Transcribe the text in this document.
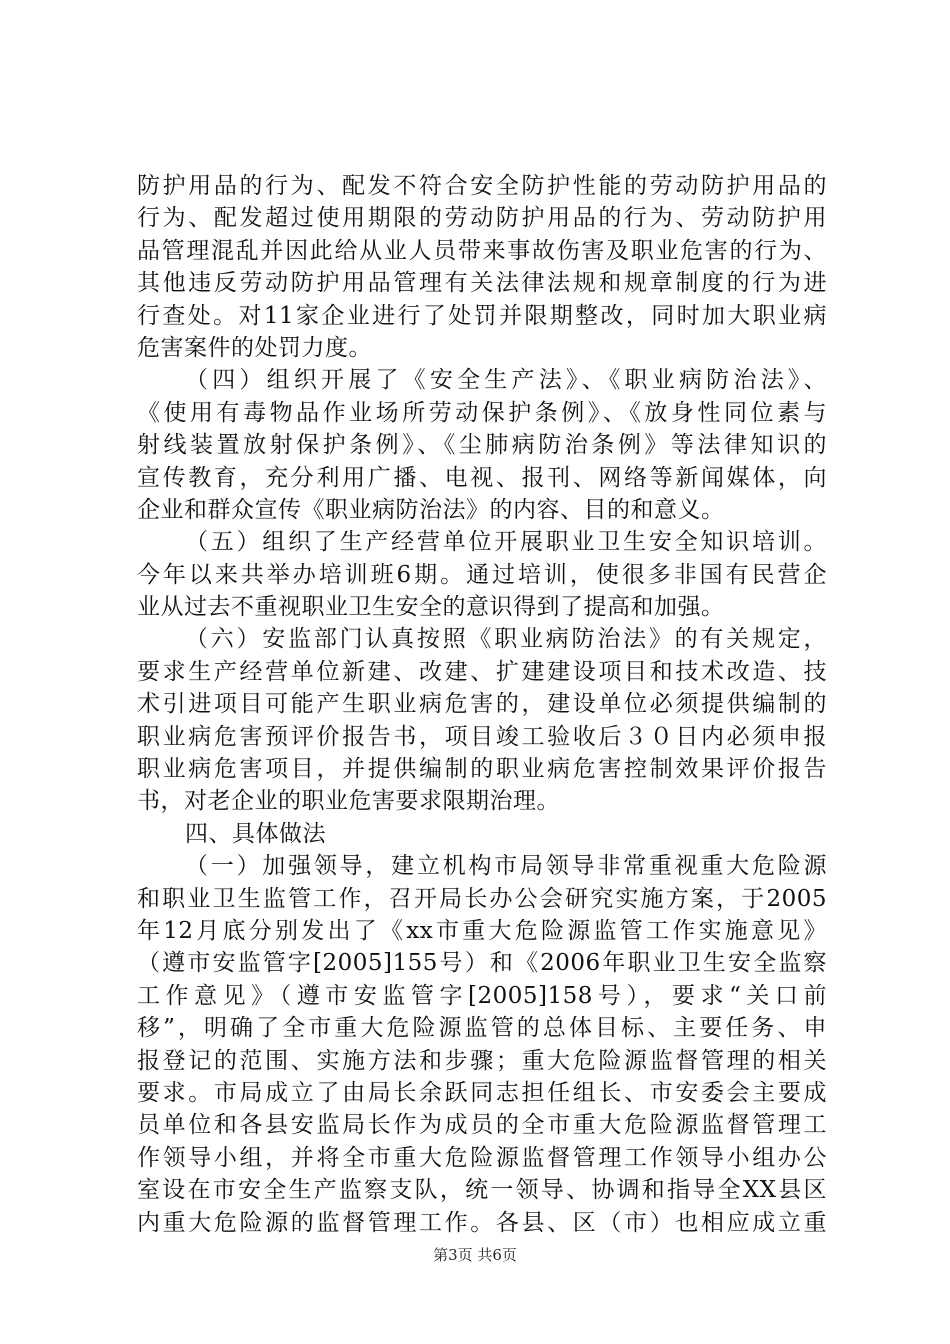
防护用品的行为、配发不符合安全防护性能的劳动防护用品的
行为、配发超过使用期限的劳动防护用品的行为、劳动防护用
品管理混乱并因此给从业人员带来事故伤害及职业危害的行为、
其他违反劳动防护用品管理有关法律法规和规章制度的行为进
行查处。对11家企业进行了处罚并限期整改，同时加大职业病
危害案件的处罚力度。
（四）组织开展了《安全生产法》、《职业病防治法》、
《使用有毒物品作业场所劳动保护条例》、《放身性同位素与
射线装置放射保护条例》、《尘肺病防治条例》等法律知识的
宣传教育，充分利用广播、电视、报刊、网络等新闻媒体，向
企业和群众宣传《职业病防治法》的内容、目的和意义。
（五）组织了生产经营单位开展职业卫生安全知识培训。
今年以来共举办培训班6期。通过培训，使很多非国有民营企
业从过去不重视职业卫生安全的意识得到了提高和加强。
（六）安监部门认真按照《职业病防治法》的有关规定，
要求生产经营单位新建、改建、扩建建设项目和技术改造、技
术引进项目可能产生职业病危害的，建设单位必须提供编制的
职业病危害预评价报告书，项目竣工验收后３０日内必须申报
职业病危害项目，并提供编制的职业病危害控制效果评价报告
书，对老企业的职业危害要求限期治理。
四、具体做法
（一）加强领导，建立机构市局领导非常重视重大危险源
和职业卫生监管工作，召开局长办公会研究实施方案，于2005
年12月底分别发出了《xx市重大危险源监管工作实施意见》
（遵市安监管字[2005]155号）和《2006年职业卫生安全监察
工作意见》（遵市安监管字[2005]158号），要求“关口前
移”，明确了全市重大危险源监管的总体目标、主要任务、申
报登记的范围、实施方法和步骤；重大危险源监督管理的相关
要求。市局成立了由局长余跃同志担任组长、市安委会主要成
员单位和各县安监局长作为成员的全市重大危险源监督管理工
作领导小组，并将全市重大危险源监督管理工作领导小组办公
室设在市安全生产监察支队，统一领导、协调和指导全XX县区
内重大危险源的监督管理工作。各县、区（市）也相应成立重
第3页 共6页
